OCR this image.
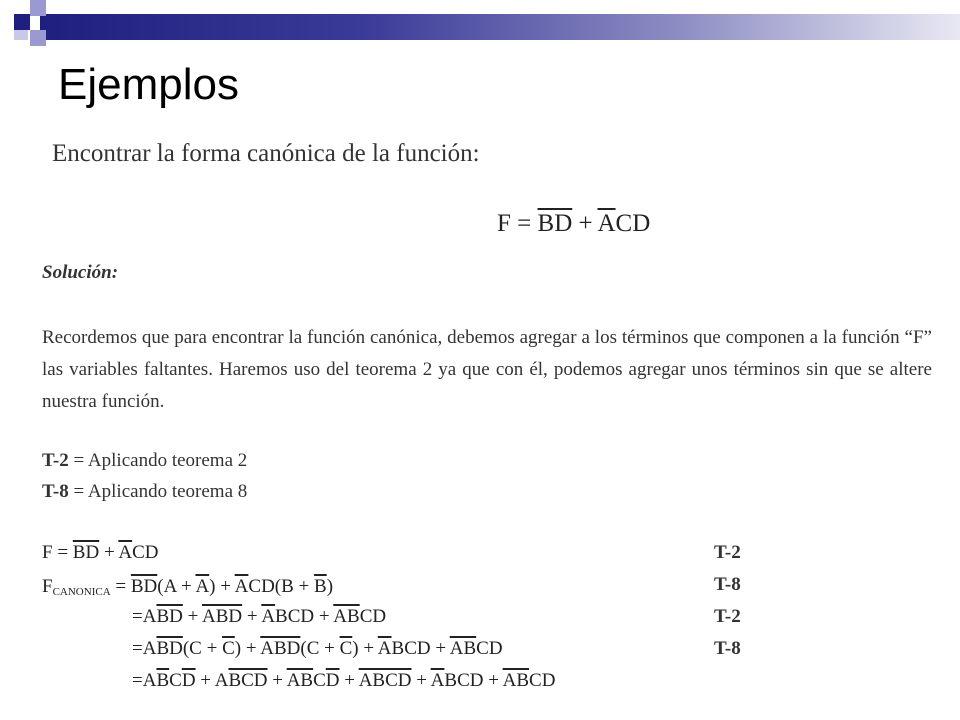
Ejemplos
Encontrar la forma canónica de la función:
$F = \overline{BD} + \overline{A}CD$
Solución:
Recordemos que para encontrar la función canónica, debemos agregar a los términos que componen a la función “F” las variables faltantes. Haremos uso del teorema 2 ya que con él, podemos agregar unos términos sin que se altere nuestra función.
T-2 = Aplicando teorema 2
T-8 = Aplicando teorema 8
$F = \overline{BD} + \overline{A}CD$
$F_{CANONICA} = \overline{BD}(A + \overline{A}) + \overline{A}CD(B + \overline{B})$
$=A\overline{BD} + \overline{ABD} + \overline{A}BCD + \overline{AB}CD$
$=A\overline{BD}(C + \overline{C}) + \overline{ABD}(C + \overline{C}) + \overline{A}BCD + \overline{AB}CD$
$=A\overline{B}C\overline{D} + A\overline{BCD} + \overline{AB}C\overline{D}$ + ABCD + $\overline{A}BCD + \overline{AB}CD$
T-2
T-8
T-2
T-8
